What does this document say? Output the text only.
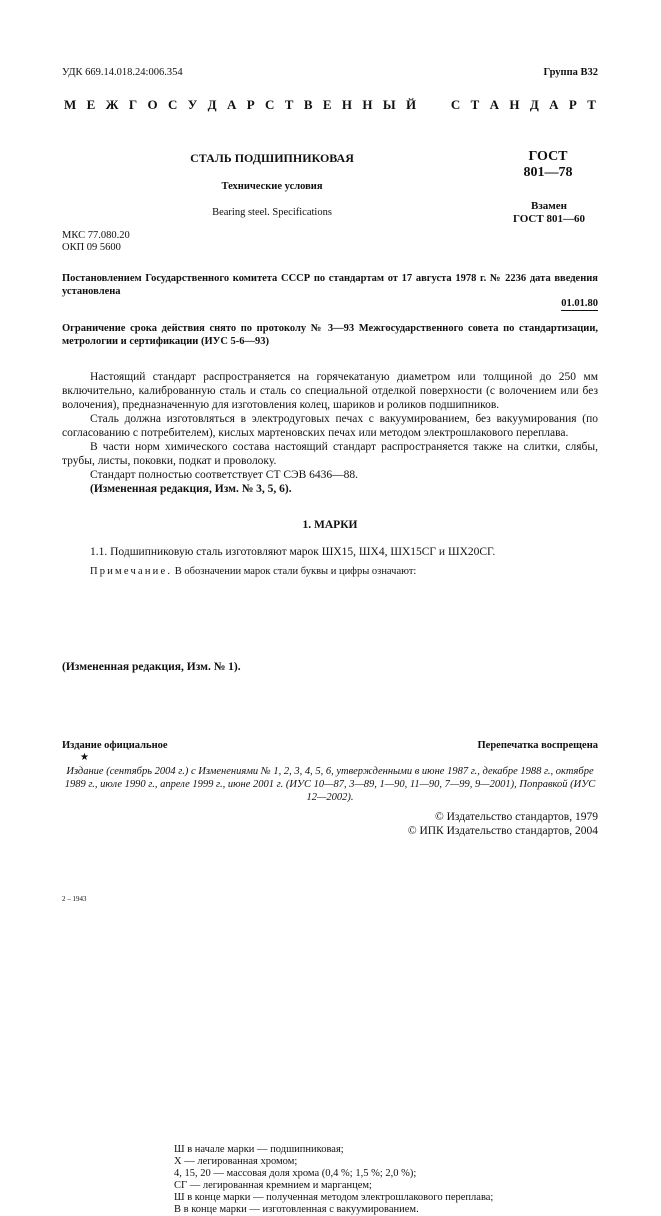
УДК 669.14.018.24:006.354	Группа В32
М Е Ж Г О С У Д А Р С Т В Е Н Н Ы Й	С Т А Н Д А Р Т
СТАЛЬ ПОДШИПНИКОВАЯ
Технические условия
Bearing steel. Specifications
ГОСТ
801—78
Взамен
ГОСТ 801—60
МКС 77.080.20
ОКП 09 5600
Постановлением Государственного комитета СССР по стандартам от 17 августа 1978 г. № 2236 дата введения установлена
01.01.80
Ограничение срока действия снято по протоколу № 3—93 Межгосударственного совета по стандартизации, метрологии и сертификации (ИУС 5-6—93)

Настоящий стандарт распространяется на горячекатаную диаметром или толщиной до 250 мм включительно, калиброванную сталь и сталь со специальной отделкой поверхности (с волочением или без волочения), предназначенную для изготовления колец, шариков и роликов подшипников.

Сталь должна изготовляться в электродуговых печах с вакуумированием, без вакуумирования (по согласованию с потребителем), кислых мартеновских печах или методом электрошлакового переплава.

В части норм химического состава настоящий стандарт распространяется также на слитки, слябы, трубы, листы, поковки, подкат и проволоку.

Стандарт полностью соответствует СТ СЭВ 6436—88.

(Измененная редакция, Изм. № 3, 5, 6).

1. МАРКИ
1.1. Подшипниковую сталь изготовляют марок ШХ15, ШХ4, ШХ15СГ и ШХ20СГ.
Примечание. В обозначении марок стали буквы и цифры означают:
Ш в начале марки — подшипниковая;
Х — легированная хромом;
4, 15, 20 — массовая доля хрома (0,4 %; 1,5 %; 2,0 %);
СГ — легированная кремнием и марганцем;
Ш в конце марки — полученная методом электрошлакового переплава;
В в конце марки — изготовленная с вакуумированием.
(Измененная редакция, Изм. № 1).
Издание официальное
★
Перепечатка воспрещена
Издание (сентябрь 2004 г.) с Изменениями № 1, 2, 3, 4, 5, 6, утвержденными в июне 1987 г., декабре 1988 г., октябре 1989 г., июле 1990 г., апреле 1999 г., июне 2001 г. (ИУС 10—87, 3—89, 1—90, 11—90, 7—99, 9—2001), Поправкой (ИУС 12—2002).
© Издательство стандартов, 1979
© ИПК Издательство стандартов, 2004
2 – 1943
